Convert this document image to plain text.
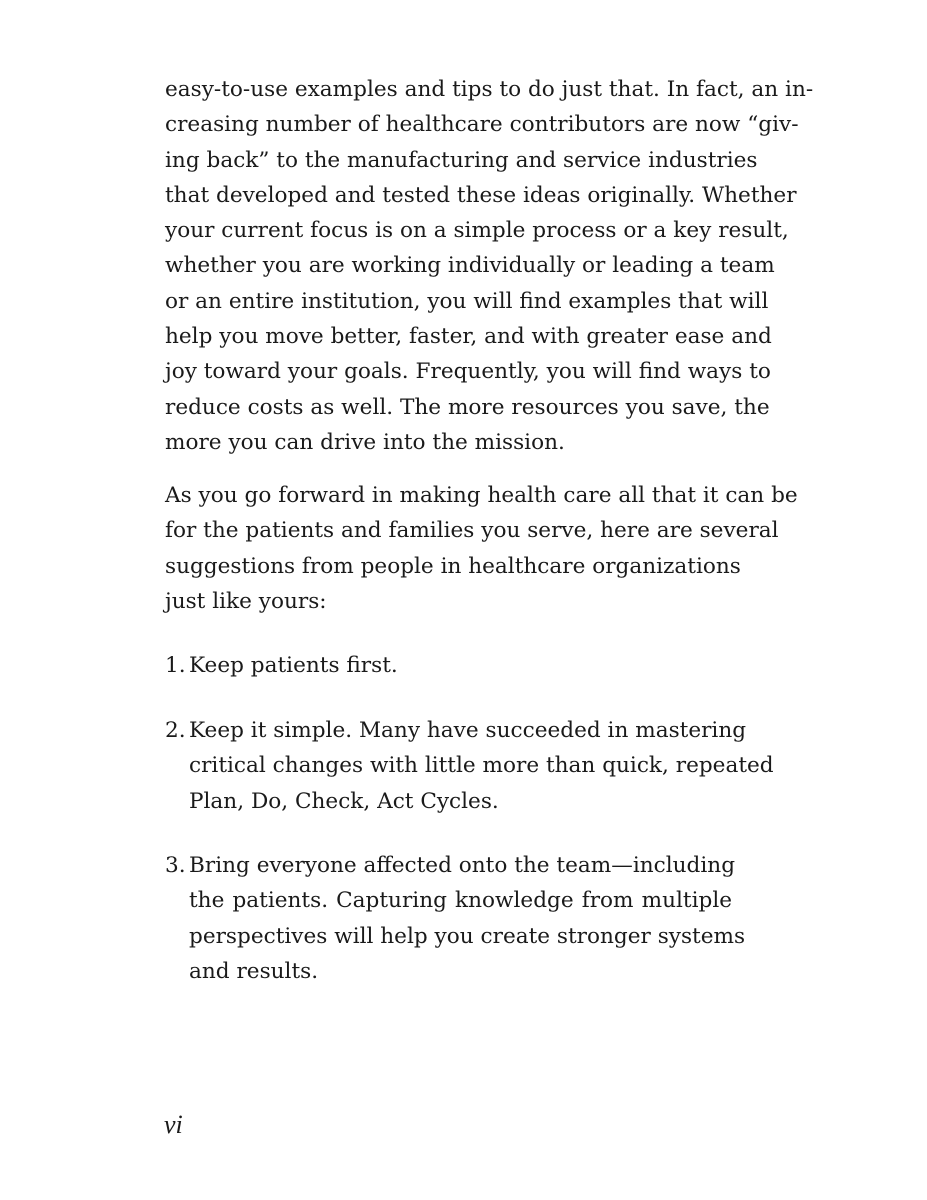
easy-to-use examples and tips to do just that. In fact, an in-
creasing number of healthcare contributors are now “giv-
ing back” to the manufacturing and service industries
that developed and tested these ideas originally. Whether
your current focus is on a simple process or a key result,
whether you are working individually or leading a team
or an entire institution, you will find examples that will
help you move better, faster, and with greater ease and
joy toward your goals. Frequently, you will find ways to
reduce costs as well. The more resources you save, the
more you can drive into the mission.
As you go forward in making health care all that it can be
for the patients and families you serve, here are several
suggestions from people in healthcare organizations
just like yours:
1. Keep patients first.
2. Keep it simple. Many have succeeded in mastering
critical changes with little more than quick, repeated
Plan, Do, Check, Act Cycles.
3. Bring everyone affected onto the team—including
the patients. Capturing knowledge from multiple
perspectives will help you create stronger systems
and results.
vi
